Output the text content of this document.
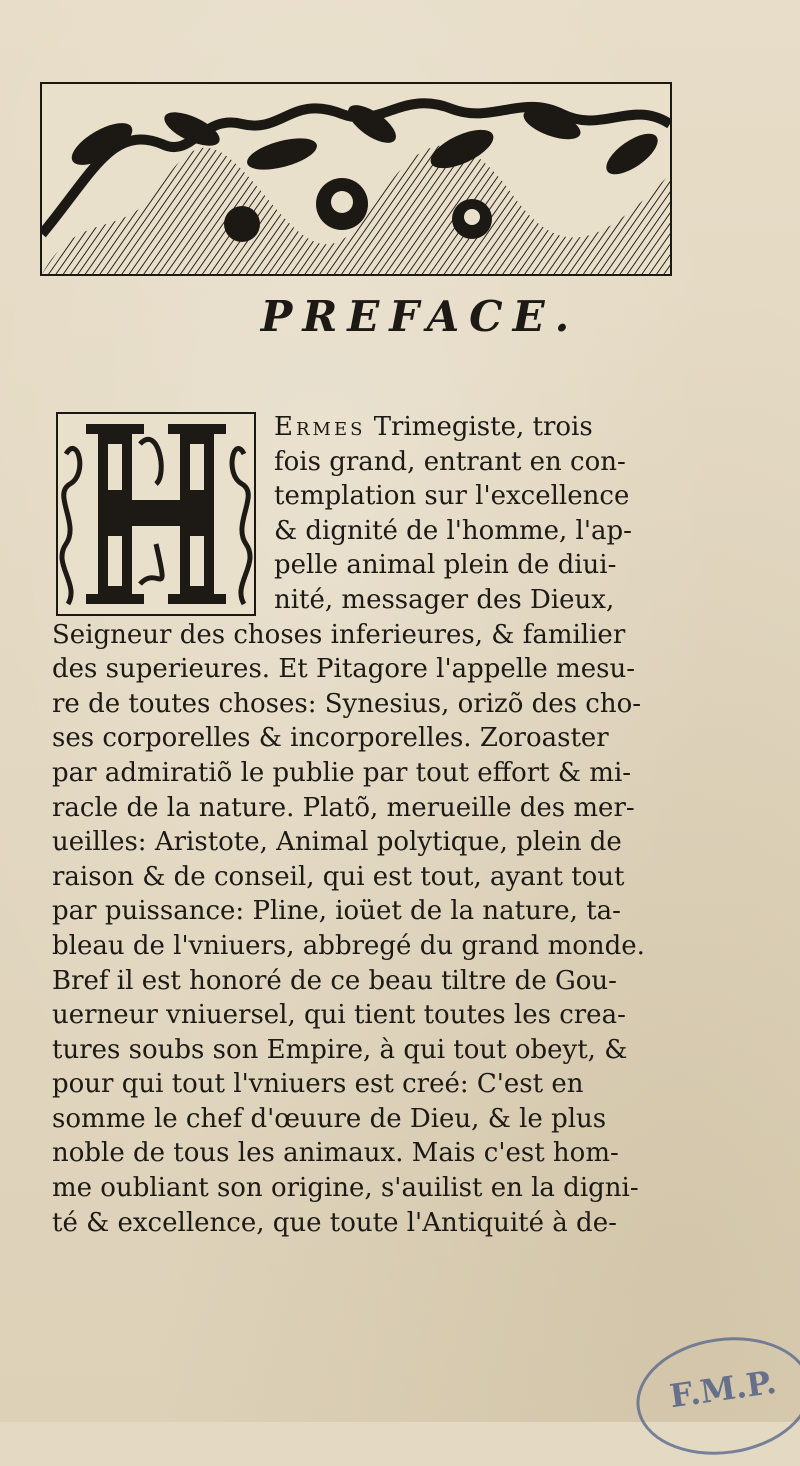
PREFACE.
Ermes Trimegiste, trois
fois grand, entrant en con-
templation sur l'excellence
& dignité de l'homme, l'ap-
pelle animal plein de diui-
nité, messager des Dieux,
Seigneur des choses inferieures, & familier
des superieures. Et Pitagore l'appelle mesu-
re de toutes choses: Synesius, orizõ des cho-
ses corporelles & incorporelles. Zoroaster
par admiratiõ le publie par tout effort & mi-
racle de la nature. Platõ, merueille des mer-
ueilles: Aristote, Animal polytique, plein de
raison & de conseil, qui est tout, ayant tout
par puissance: Pline, ioüet de la nature, ta-
bleau de l'vniuers, abbregé du grand monde.
Bref il est honoré de ce beau tiltre de Gou-
uerneur vniuersel, qui tient toutes les crea-
tures soubs son Empire, à qui tout obeyt, &
pour qui tout l'vniuers est creé: C'est en
somme le chef d'œuure de Dieu, & le plus
noble de tous les animaux. Mais c'est hom-
me oubliant son origine, s'auilist en la digni-
té & excellence, que toute l'Antiquité à de-
F.M.P.
